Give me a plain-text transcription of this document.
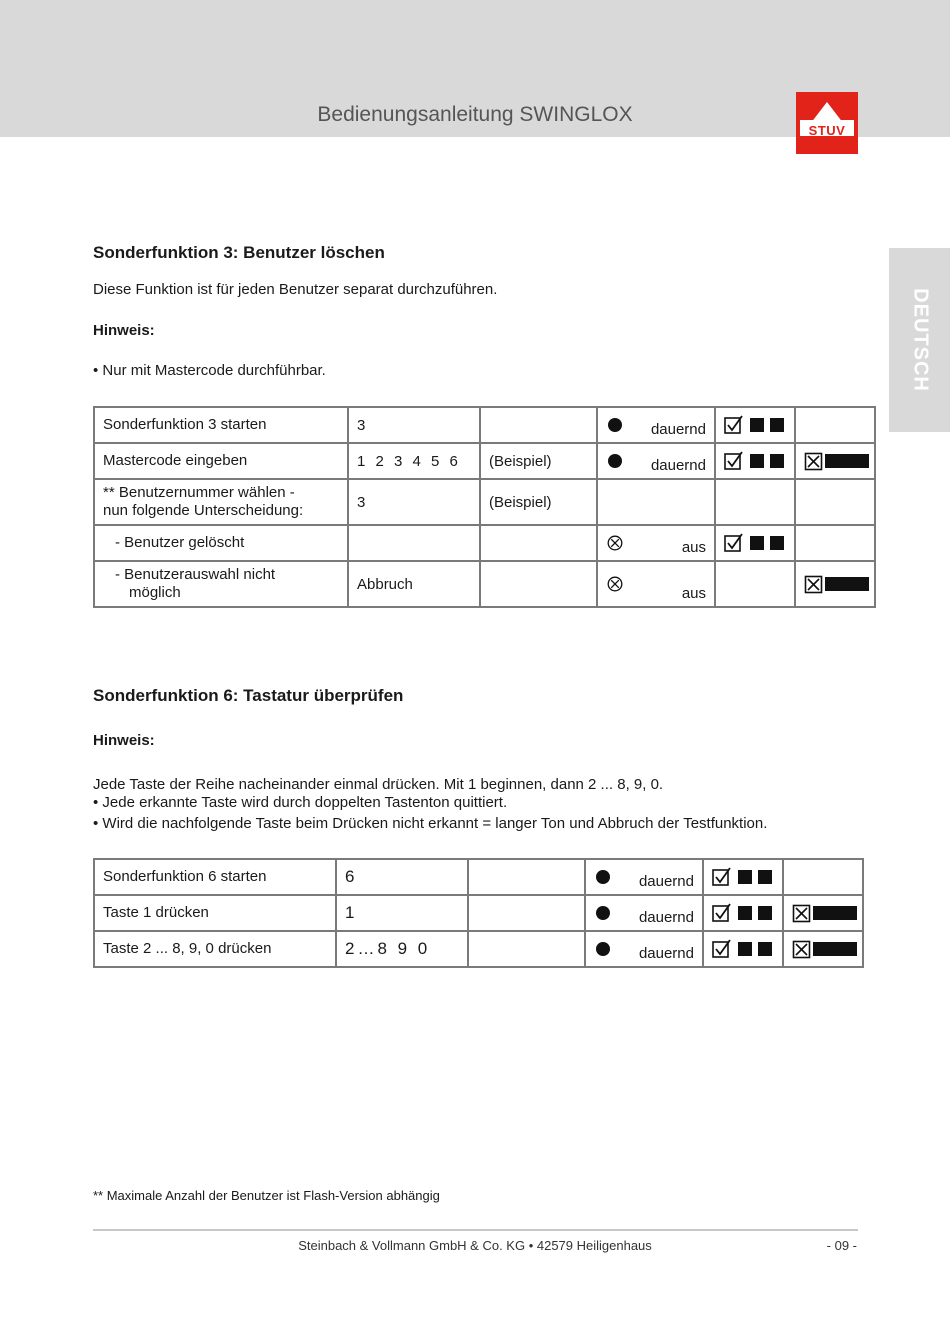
Bedienungsanleitung SWINGLOX
STUV
DEUTSCH
Sonderfunktion 3: Benutzer löschen
Diese Funktion ist für jeden Benutzer separat durchzuführen.
Hinweis:
• Nur mit Mastercode durchführbar.
Sonderfunktion 3 starten	3		dauernd

Mastercode eingeben	1 2 3 4 5 6	(Beispiel)	dauernd

** Benutzernummer wählen -
nun folgende Unterscheidung:	3	(Beispiel)			
- Benutzer gelöscht			aus

- Benutzerauswahl nicht
möglich	Abbruch		aus

Sonderfunktion 6: Tastatur überprüfen
Hinweis:
Jede Taste der Reihe nacheinander einmal drücken. Mit 1 beginnen, dann 2 ... 8, 9, 0.
• Jede erkannte Taste wird durch doppelten Tastenton quittiert.
• Wird die nachfolgende Taste beim Drücken nicht erkannt = langer Ton und Abbruch der Testfunktion.
Sonderfunktion 6 starten	6		dauernd

Taste 1 drücken	1		dauernd

Taste 2 ... 8, 9, 0 drücken	2…8 9 0		dauernd

** Maximale Anzahl der Benutzer ist Flash-Version abhängig
Steinbach & Vollmann GmbH & Co. KG • 42579 Heiligenhaus	- 09 -
